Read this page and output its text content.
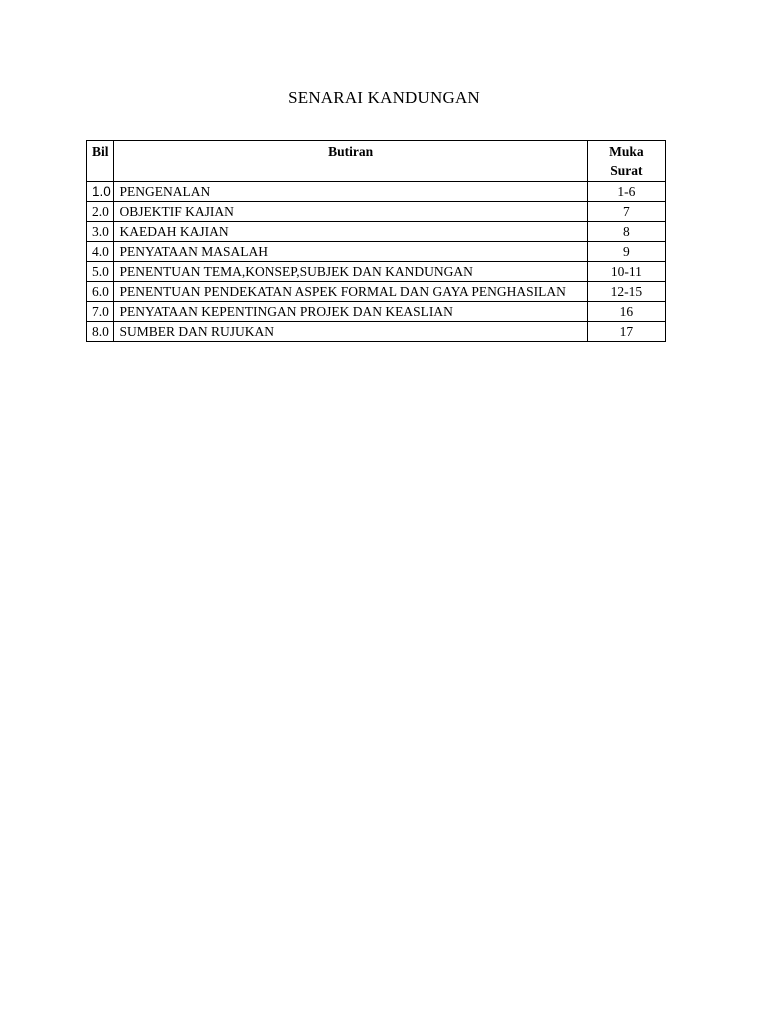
SENARAI KANDUNGAN
Bil	Butiran	Muka
Surat

1.0	PENGENALAN	1-6
2.0	OBJEKTIF KAJIAN	7
3.0	KAEDAH KAJIAN	8
4.0	PENYATAAN MASALAH	9
5.0	PENENTUAN TEMA,KONSEP,SUBJEK DAN KANDUNGAN	10-11
6.0	PENENTUAN PENDEKATAN ASPEK FORMAL DAN GAYA PENGHASILAN	12-15
7.0	PENYATAAN KEPENTINGAN PROJEK DAN KEASLIAN	16
8.0	SUMBER DAN RUJUKAN	17
